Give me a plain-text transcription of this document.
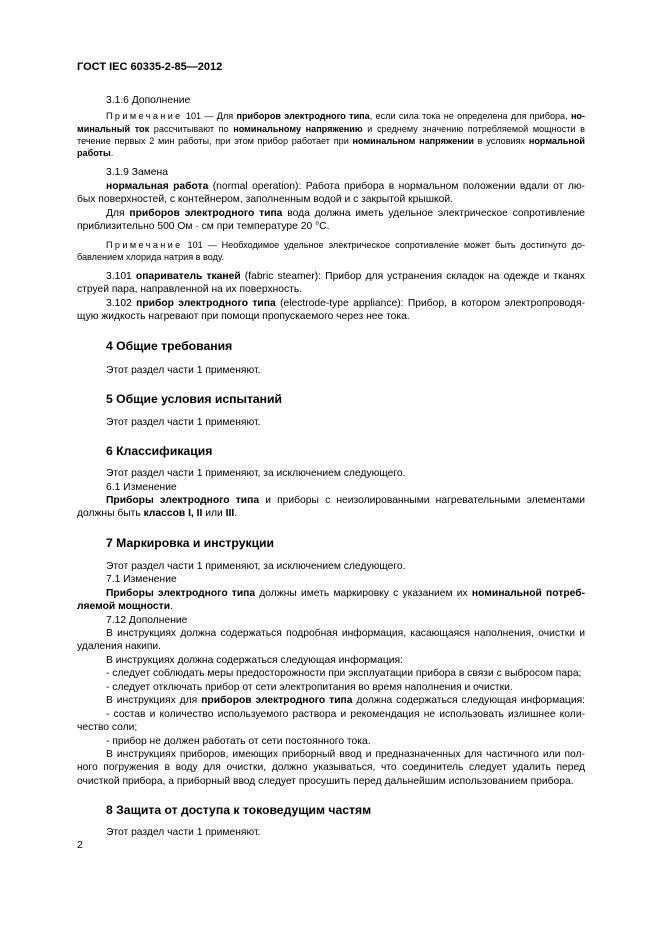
ГОСТ IEC 60335-2-85—2012
3.1.6 Дополнение
Примечание 101 — Для приборов электродного типа, если сила тока не определена для прибора, но-
минальный ток рассчитывают по номинальному напряжению и среднему значению потребляемой мощности в
течение первых 2 мин работы, при этом прибор работает при номинальном напряжении в условиях нормальной
работы.
3.1.9 Замена
нормальная работа (normal operation): Работа прибора в нормальном положении вдали от лю-
бых поверхностей, с контейнером, заполненным водой и с закрытой крышкой.
Для приборов электродного типа вода должна иметь удельное электрическое сопротивление
приблизительно 500 Ом · см при температуре 20 °С.
Примечание 101 — Необходимое удельное электрическое сопротивление может быть достигнуто до-
бавлением хлорида натрия в воду.
3.101 опариватель тканей (fabric steamer): Прибор для устранения складок на одежде и тканях
струей пара, направленной на их поверхность.
3.102 прибор электродного типа (electrode-type appliance): Прибор, в котором электропроводя-
щую жидкость нагревают при помощи пропускаемого через нее тока.
4 Общие требования
Этот раздел части 1 применяют.
5 Общие условия испытаний
Этот раздел части 1 применяют.
6 Классификация
Этот раздел части 1 применяют, за исключением следующего.
6.1 Изменение
Приборы электродного типа и приборы с неизолированными нагревательными элементами
должны быть классов I, II или III.
7 Маркировка и инструкции
Этот раздел части 1 применяют, за исключением следующего.
7.1 Изменение
Приборы электродного типа должны иметь маркировку с указанием их номинальной потреб-
ляемой мощности.
7.12 Дополнение
В инструкциях должна содержаться подробная информация, касающаяся наполнения, очистки и
удаления накипи.
В инструкциях должна содержаться следующая информация:
- следует соблюдать меры предосторожности при эксплуатации прибора в связи с выбросом пара;
- следует отключать прибор от сети электропитания во время наполнения и очистки.
В инструкциях для приборов электродного типа должна содержаться следующая информация:
- состав и количество используемого раствора и рекомендация не использовать излишнее коли-
чество соли;
- прибор не должен работать от сети постоянного тока.
В инструкциях приборов, имеющих приборный ввод и предназначенных для частичного или пол-
ного погружения в воду для очистки, должно указываться, что соединитель следует удалить перед
очисткой прибора, а приборный ввод следует просушить перед дальнейшим использованием прибора.
8 Защита от доступа к токоведущим частям
Этот раздел части 1 применяют.
2
